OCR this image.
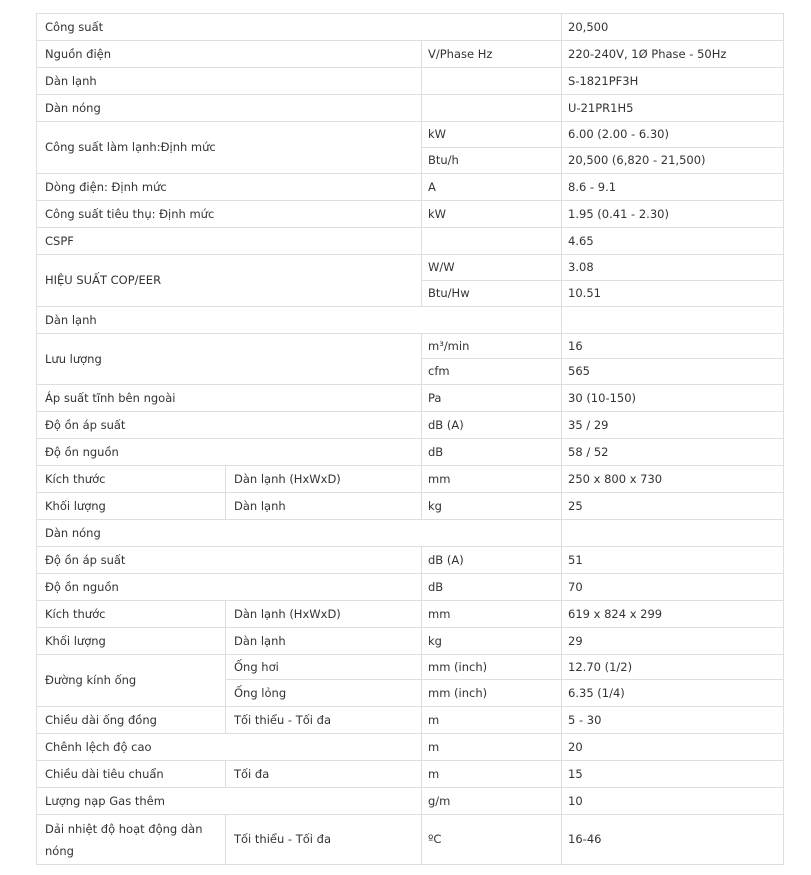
Công suất			20,500
Nguồn điện		V/Phase Hz	220-240V, 1Ø Phase - 50Hz
Dàn lạnh			S-1821PF3H
Dàn nóng			U-21PR1H5
Công suất làm lạnh:Định mức		kW	6.00 (2.00 - 6.30)
		Btu/h	20,500 (6,820 - 21,500)
Dòng điện: Định mức		A	8.6 - 9.1
Công suất tiêu thụ: Định mức		kW	1.95 (0.41 - 2.30)
CSPF			4.65
HIỆU SUẤT COP/EER		W/W	3.08
		Btu/Hw	10.51
Dàn lạnh			
Lưu lượng		m³/min	16
		cfm	565
Áp suất tĩnh bên ngoài		Pa	30 (10-150)
Độ ồn áp suất		dB (A)	35 / 29
Độ ồn nguồn		dB	58 / 52
Kích thước	Dàn lạnh (HxWxD)	mm	250 x 800 x 730
Khối lượng	Dàn lạnh	kg	25
Dàn nóng			
Độ ồn áp suất		dB (A)	51
Độ ồn nguồn		dB	70
Kích thước	Dàn lạnh (HxWxD)	mm	619 x 824 x 299
Khối lượng	Dàn lạnh	kg	29
Đường kính ống	Ống hơi	mm (inch)	12.70 (1/2)
	Ống lỏng	mm (inch)	6.35 (1/4)
Chiều dài ống đồng	Tối thiểu - Tối đa	m	5 - 30
Chênh lệch độ cao		m	20
Chiều dài tiêu chuẩn	Tối đa	m	15
Lượng nạp Gas thêm		g/m	10
Dải nhiệt độ hoạt động dàn nóng	Tối thiểu - Tối đa	ºC	16-46
